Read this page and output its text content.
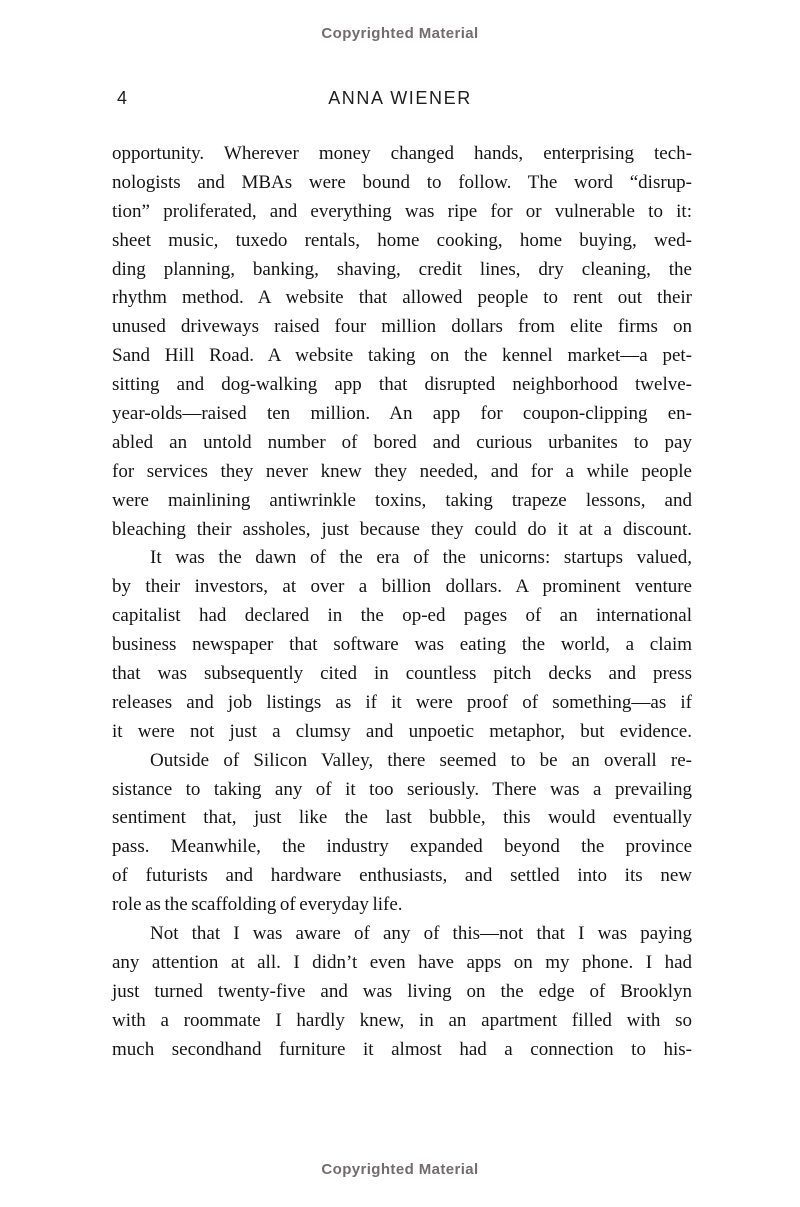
Copyrighted Material
4	ANNA WIENER
opportunity. Wherever money changed hands, enterprising tech-
nologists and MBAs were bound to follow. The word “disrup-
tion” proliferated, and everything was ripe for or vulnerable to it:
sheet music, tuxedo rentals, home cooking, home buying, wed-
ding planning, banking, shaving, credit lines, dry cleaning, the
rhythm method. A website that allowed people to rent out their
unused driveways raised four million dollars from elite firms on
Sand Hill Road. A website taking on the kennel market—a pet-
sitting and dog-walking app that disrupted neighborhood twelve-
year-olds—raised ten million. An app for coupon-clipping en-
abled an untold number of bored and curious urbanites to pay
for services they never knew they needed, and for a while people
were mainlining antiwrinkle toxins, taking trapeze lessons, and
bleaching their assholes, just because they could do it at a discount.
It was the dawn of the era of the unicorns: startups valued,
by their investors, at over a billion dollars. A prominent venture
capitalist had declared in the op-ed pages of an international
business newspaper that software was eating the world, a claim
that was subsequently cited in countless pitch decks and press
releases and job listings as if it were proof of something—as if
it were not just a clumsy and unpoetic metaphor, but evidence.
Outside of Silicon Valley, there seemed to be an overall re-
sistance to taking any of it too seriously. There was a prevailing
sentiment that, just like the last bubble, this would eventually
pass. Meanwhile, the industry expanded beyond the province
of futurists and hardware enthusiasts, and settled into its new
role as the scaffolding of everyday life.
Not that I was aware of any of this—not that I was paying
any attention at all. I didn’t even have apps on my phone. I had
just turned twenty-five and was living on the edge of Brooklyn
with a roommate I hardly knew, in an apartment filled with so
much secondhand furniture it almost had a connection to his-
Copyrighted Material
